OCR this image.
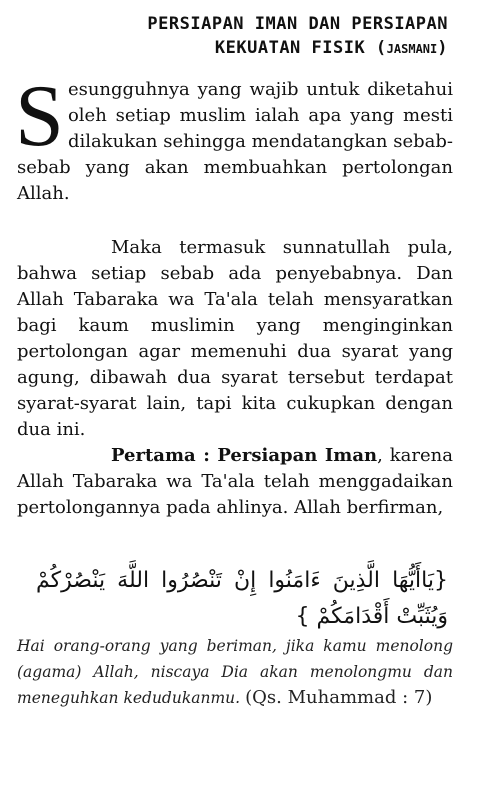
PERSIAPAN IMAN DAN PERSIAPAN
KEKUATAN FISIK (JASMANI)
S esungguhnya yang wajib untuk diketahui oleh setiap muslim ialah apa yang mesti dilakukan sehingga mendatangkan sebab-sebab yang akan membuahkan pertolongan Allah.

Maka termasuk sunnatullah pula, bahwa setiap sebab ada penyebabnya. Dan Allah Tabaraka wa Ta'ala telah mensyaratkan bagi kaum muslimin yang menginginkan pertolongan agar memenuhi dua syarat yang agung, dibawah dua syarat tersebut terdapat syarat-syarat lain, tapi kita cukupkan dengan dua ini.

Pertama : Persiapan Iman, karena Allah Tabaraka wa Ta'ala telah menggadaikan pertolongannya pada ahlinya. Allah berfirman,

{يَاأَيُّهَا الَّذِينَ ءَامَنُوا إِنْ تَنْصُرُوا اللَّهَ يَنْصُرْكُمْ وَيُثَبِّتْ أَقْدَامَكُمْ }
Hai orang-orang yang beriman, jika kamu menolong (agama) Allah, niscaya Dia akan menolongmu dan meneguhkan kedudukanmu. (Qs. Muhammad : 7)
